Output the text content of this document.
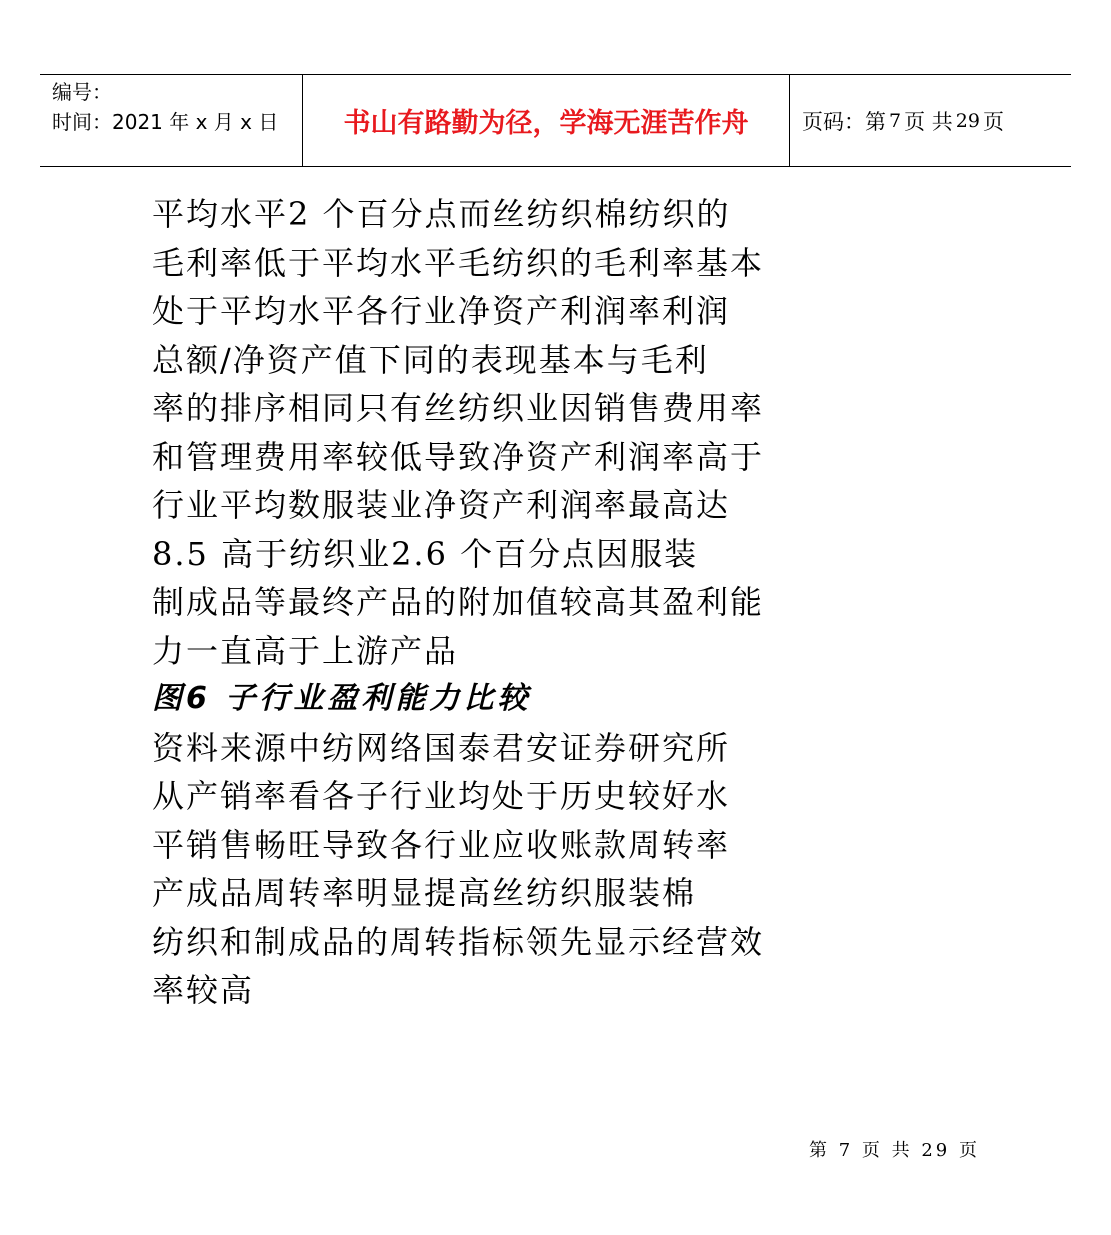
编号：
时间：2021 年 x 月 x 日	书山有路勤为径，学海无涯苦作舟	页码：第 7 页 共 29 页
平均水平2 个百分点而丝纺织棉纺织的
毛利率低于平均水平毛纺织的毛利率基本
处于平均水平各行业净资产利润率利润
总额/净资产值下同的表现基本与毛利
率的排序相同只有丝纺织业因销售费用率
和管理费用率较低导致净资产利润率高于
行业平均数服装业净资产利润率最高达
8.5 高于纺织业2.6 个百分点因服装
制成品等最终产品的附加值较高其盈利能
力一直高于上游产品
图6 子行业盈利能力比较
资料来源中纺网络国泰君安证券研究所
从产销率看各子行业均处于历史较好水
平销售畅旺导致各行业应收账款周转率
产成品周转率明显提高丝纺织服装棉
纺织和制成品的周转指标领先显示经营效
率较高
第 7 页 共 29 页
